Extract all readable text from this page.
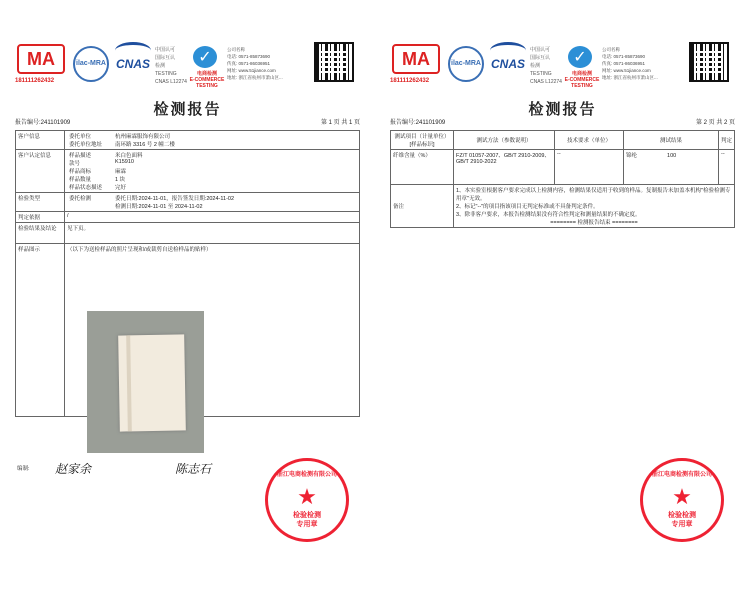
MA
181111262432
ilac-MRA CNAS
中国认可
国际互认
检测
TESTING
CNAS L12274
✓
电商检测
E-COMMERCE TESTING
公司名称
电话: 0571-85873690
传真: 0571-86036951
网址: www.51jiance.com
地址: 浙江省杭州市萧山区...
检测报告
报告编号:241101909	第 1 页 共 1 页
客户信息		委托单位	杭州麻霖服饰有限公司
委托单位地址	南环路 3316 号 2 幢二楼

客户认定信息		样品描述	米白色面料
款号	K15910
样品商标	麻霖
样品数量	1 块
样品状态描述	完好

检验类型		委托检测	委托日期:2024-11-01，报告签发日期:2024-11-02
检测日期:2024-11-01 至 2024-11-02

判定依据	/
检验结果及结论	见下页。
样品图示	（以下为送检样品的照片呈现和/或裁剪自送检样品的贴样）
编制: 赵家余	陈志石	浙江电商检测有限公司
★
检验检测
专用章
MA
181111262432
ilac-MRA CNAS
中国认可
国际互认
检测
TESTING
CNAS L12274
✓
电商检测
E-COMMERCE TESTING
公司名称
电话: 0571-85873690
传真: 0571-86036951
网址: www.51jiance.com
地址: 浙江省杭州市萧山区...
检测报告
报告编号:241101909	第 2 页 共 2 页
测试项目（计量单位）[样品标识]	测试方法（参数说明）	技术要求（单位）	测试结果	判定
纤维含量（%）	FZ/T 01057-2007、GB/T 2910-2009、GB/T 2910-2022	--	锦纶 100	--
备注	1、本实验室根据客户要求完成以上检测内容，检测结果仅适用于收到的样品。复制报告未加盖本机构"检验检测专用章"无效。
2、标记"--"的项目指该项目无判定标准或不具备判定条件。
3、除非客户要求，本报告检测结果没有符合性判定和测量结果的不确定度。
======== 检测报告结束 ========			
浙江电商检测有限公司
★
检验检测
专用章
